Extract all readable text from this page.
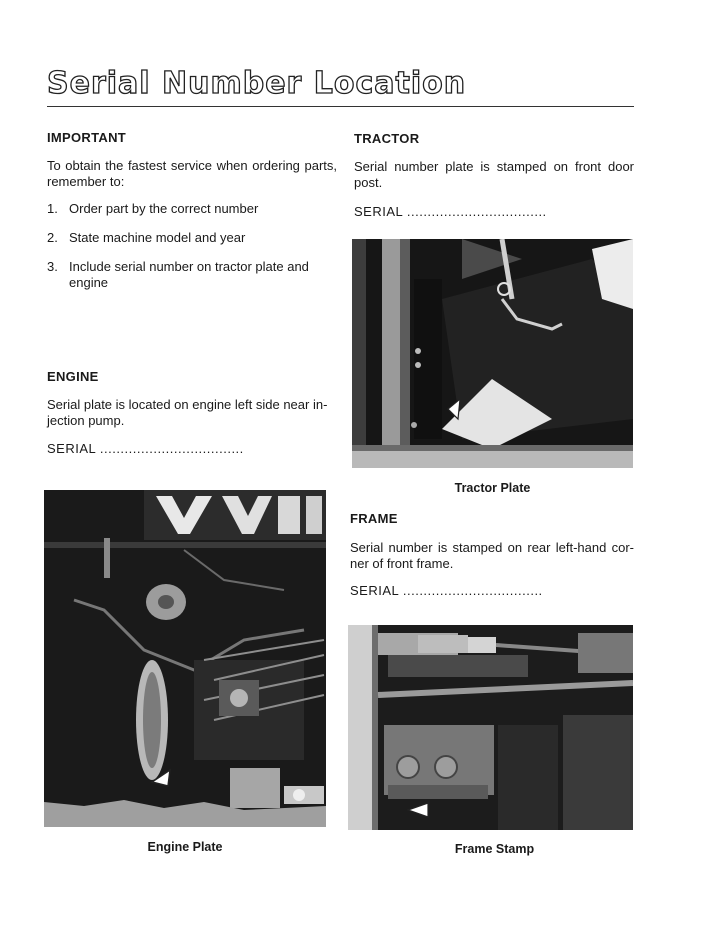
Serial Number Location
IMPORTANT

To obtain the fastest service when ordering parts, remember to:

1. Order part by the correct number
2. State machine model and year
3. Include serial number on tractor plate and engine
ENGINE

Serial plate is located on engine left side near in-jection pump.

SERIAL ...................................

Engine Plate

TRACTOR

Serial number plate is stamped on front door post.

SERIAL ..................................

Tractor Plate

FRAME

Serial number is stamped on rear left-hand cor-ner of front frame.

SERIAL ..................................

Frame Stamp
